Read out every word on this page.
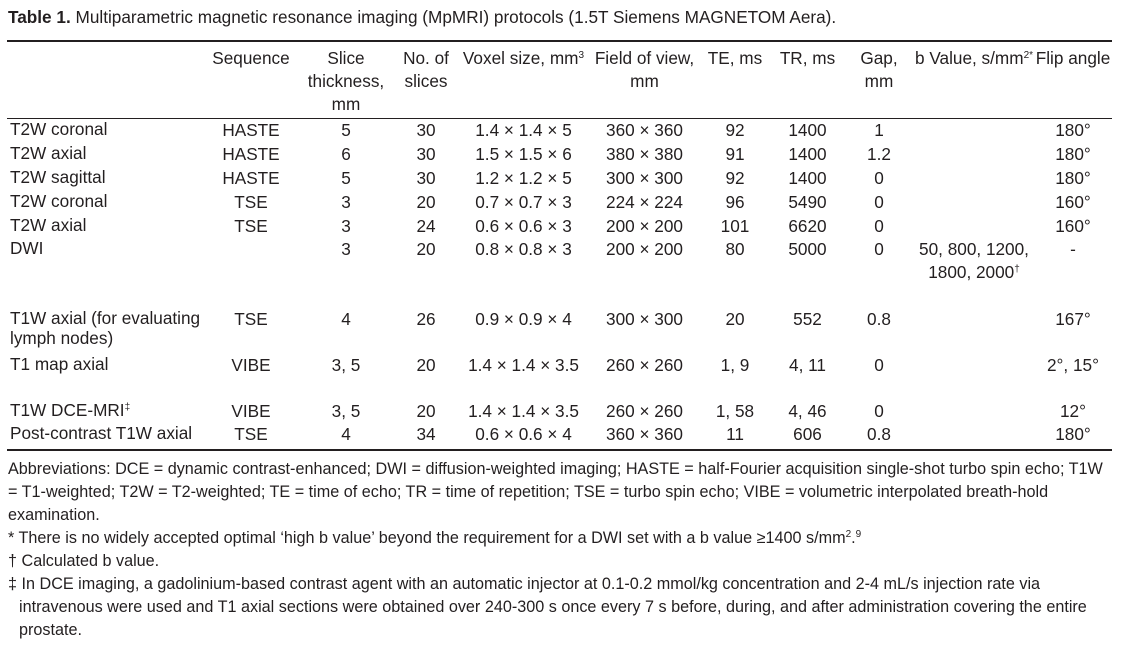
Table 1. Multiparametric magnetic resonance imaging (MpMRI) protocols (1.5T Siemens MAGNETOM Aera).
	Sequence	Slice thickness, mm	No. of slices	Voxel size, $mm^3$	Field of view, mm	TE, ms	TR, ms	Gap, mm	b Value, $s/mm^{2*}$	Flip angle
T2W coronal	HASTE	5	30	1.4 × 1.4 × 5	360 × 360	92	1400	1		180°
T2W axial	HASTE	6	30	1.5 × 1.5 × 6	380 × 380	91	1400	1.2		180°
T2W sagittal	HASTE	5	30	1.2 × 1.2 × 5	300 × 300	92	1400	0		180°
T2W coronal	TSE	3	20	0.7 × 0.7 × 3	224 × 224	96	5490	0		160°
T2W axial	TSE	3	24	0.6 × 0.6 × 3	200 × 200	101	6620	0		160°
DWI		3	20	0.8 × 0.8 × 3	200 × 200	80	5000	0	50, 800, 1200, 1800, 2000†	-
T1W axial (for evaluating lymph nodes)	TSE	4	26	0.9 × 0.9 × 4	300 × 300	20	552	0.8		167°
T1 map axial	VIBE	3, 5	20	1.4 × 1.4 × 3.5	260 × 260	1, 9	4, 11	0		2°, 15°
T1W DCE-MRI‡	VIBE	3, 5	20	1.4 × 1.4 × 3.5	260 × 260	1, 58	4, 46	0		12°
Post-contrast T1W axial	TSE	4	34	0.6 × 0.6 × 4	360 × 360	11	606	0.8		180°

Abbreviations: DCE = dynamic contrast-enhanced; DWI = diffusion-weighted imaging; HASTE = half-Fourier acquisition single-shot turbo spin echo; T1W = T1-weighted; T2W = T2-weighted; TE = time of echo; TR = time of repetition; TSE = turbo spin echo; VIBE = volumetric interpolated breath-hold examination.

* There is no widely accepted optimal ‘high b value’ beyond the requirement for a DWI set with a b value ≥1400 $s/mm^2.^9$

† Calculated b value.

‡ In DCE imaging, a gadolinium-based contrast agent with an automatic injector at 0.1-0.2 mmol/kg concentration and 2-4 mL/s injection rate via intravenous were used and T1 axial sections were obtained over 240-300 s once every 7 s before, during, and after administration covering the entire prostate.
